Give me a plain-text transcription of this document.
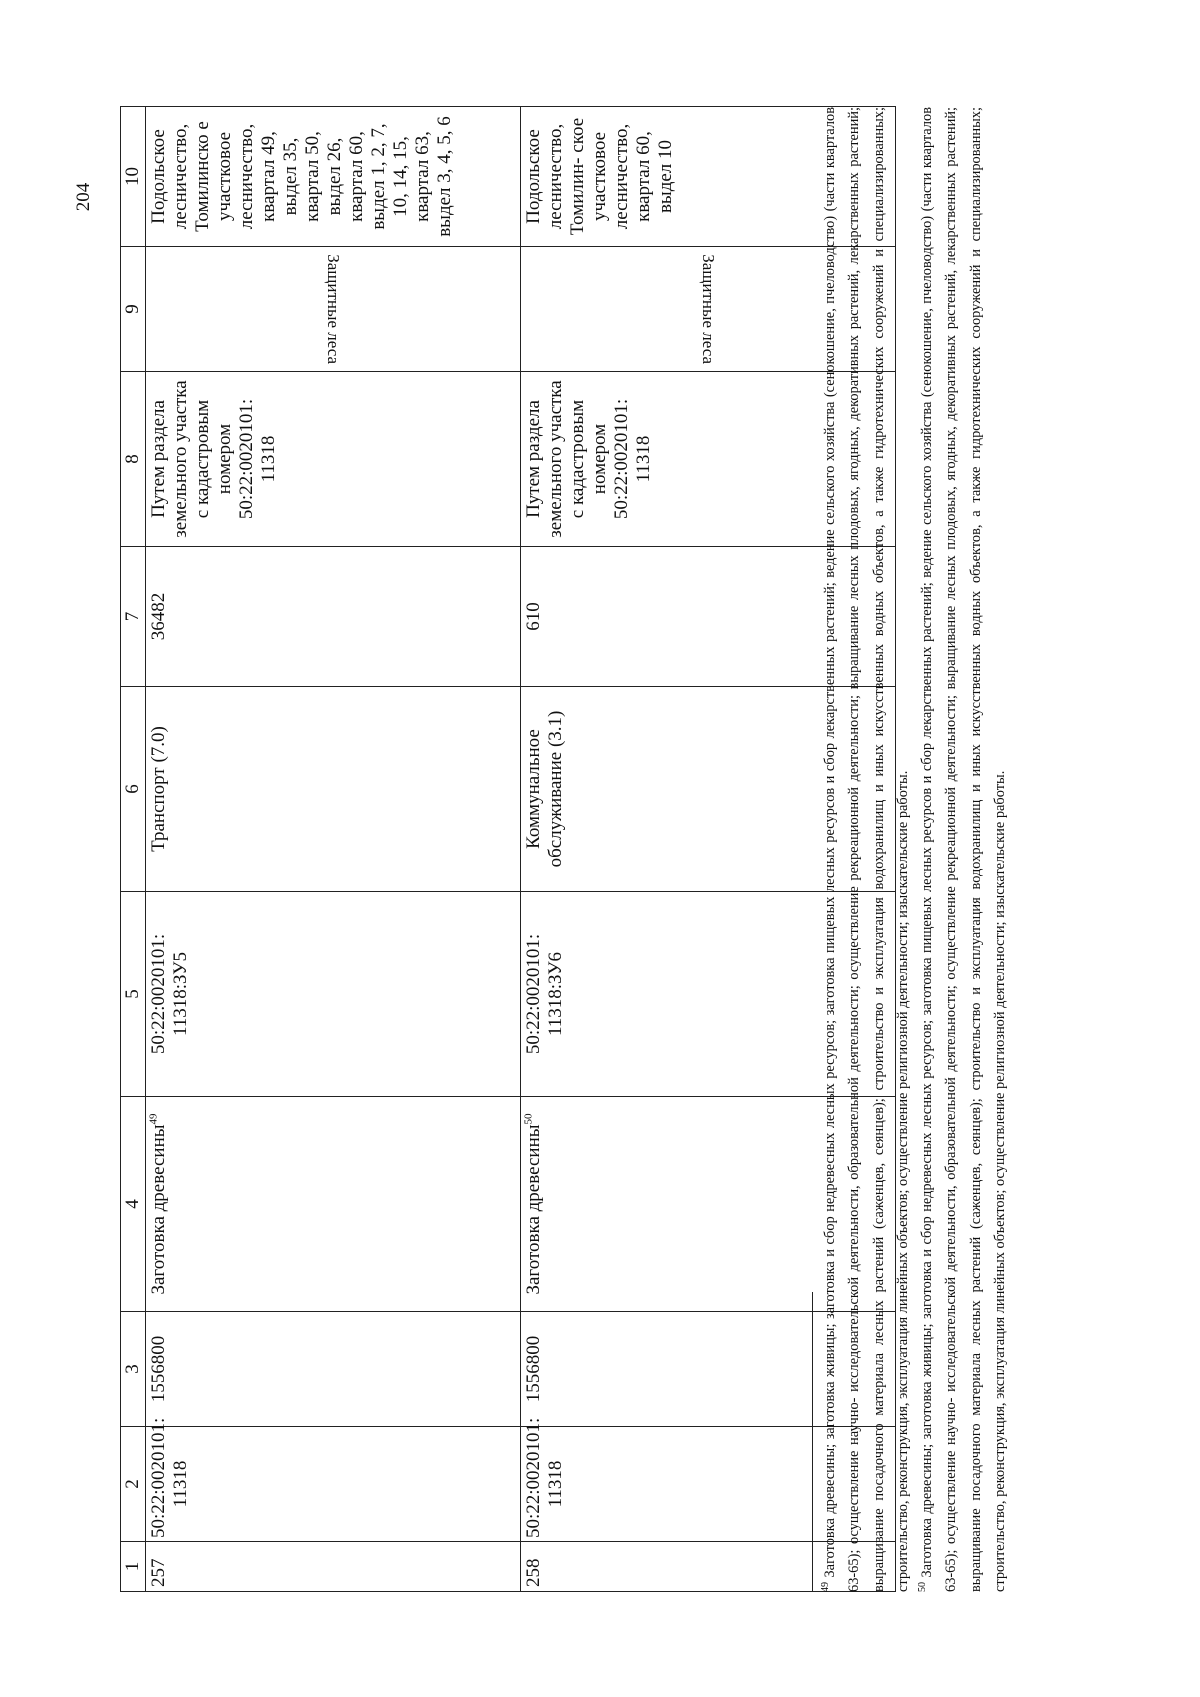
204
1	2	3	4	5	6	7	8	9	10
257	50:22:0020101: 11318	1556800	Заготовка древесины$^{49}$	50:22:0020101: 11318:ЗУ5	Транспорт (7.0)	36482	Путем раздела земельного участка с кадастровым номером 50:22:0020101: 11318	Защитные леса	Подольское лесничество, Томилинско е участковое лесничество, квартал 49, выдел 35, квартал 50, выдел 26, квартал 60, выдел 1, 2, 7, 10, 14, 15, квартал 63, выдел 3, 4, 5, 6
258	50:22:0020101: 11318	1556800	Заготовка древесины$^{50}$	50:22:0020101: 11318:ЗУ6	Коммунальное обслуживание (3.1)	610	Путем раздела земельного участка с кадастровым номером 50:22:0020101: 11318	Защитные леса	Подольское лесничество, Томилин- ское участковое лесничество, квартал 60, выдел 10

$^{49}$ Заготовка древесины; заготовка живицы; заготовка и сбор недревесных лесных ресурсов; заготовка пищевых лесных ресурсов и сбор лекарственных растений; ведение сельского хозяйства (сенокошение, пчеловодство) (части кварталов 63-65); осуществление научно- исследовательской деятельности, образовательной деятельности; осуществление рекреационной деятельности; выращивание лесных плодовых, ягодных, декоративных растений, лекарственных растений; выращивание посадочного материала лесных растений (саженцев, сеянцев); строительство и эксплуатация водохранилищ и иных искусственных водных объектов, а также гидротехнических сооружений и специализированных; строительство, реконструкция, эксплуатация линейных объектов; осуществление религиозной деятельности; изыскательские работы. $^{50}$ Заготовка древесины; заготовка живицы; заготовка и сбор недревесных лесных ресурсов; заготовка пищевых лесных ресурсов и сбор лекарственных растений; ведение сельского хозяйства (сенокошение, пчеловодство) (части кварталов 63-65); осуществление научно- исследовательской деятельности, образовательной деятельности; осуществление рекреационной деятельности; выращивание лесных плодовых, ягодных, декоративных растений, лекарственных растений; выращивание посадочного материала лесных растений (саженцев, сеянцев); строительство и эксплуатация водохранилищ и иных искусственных водных объектов, а также гидротехнических сооружений и специализированных; строительство, реконструкция, эксплуатация линейных объектов; осуществление религиозной деятельности; изыскательские работы.
